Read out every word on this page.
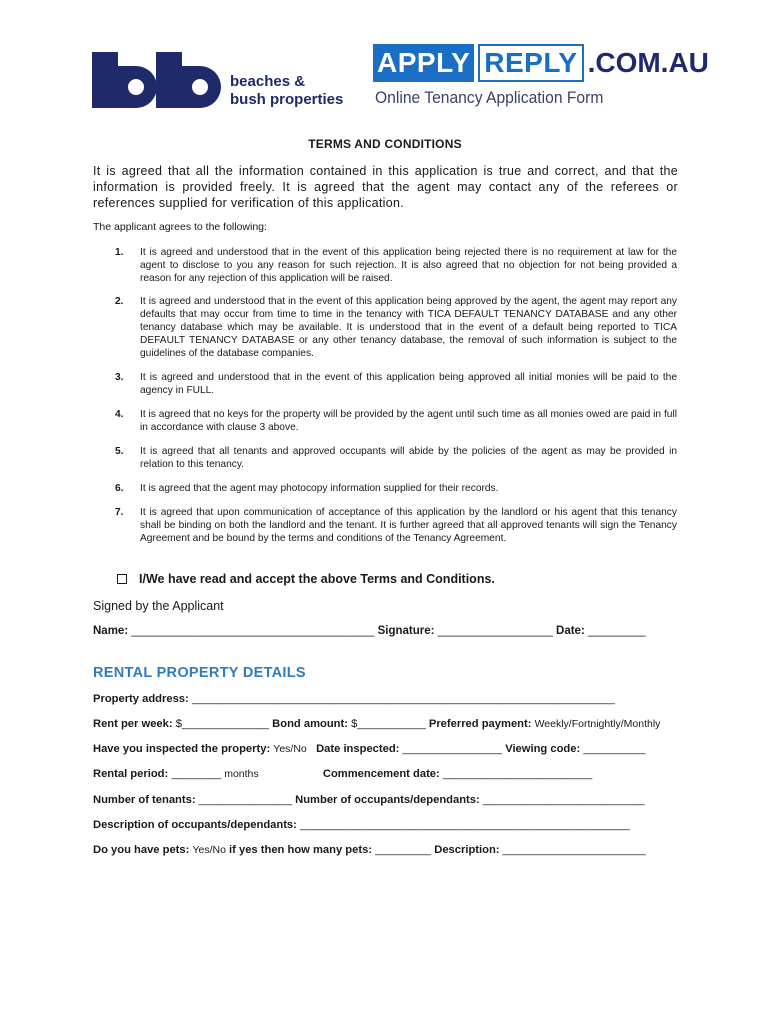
beaches &
bush properties
APPLY REPLY .COM.AU
Online Tenancy Application Form
TERMS AND CONDITIONS
It is agreed that all the information contained in this application is true and correct, and that the information is provided freely. It is agreed that the agent may contact any of the referees or references supplied for verification of this application.
The applicant agrees to the following:
1.	It is agreed and understood that in the event of this application being rejected there is no requirement at law for the agent to disclose to you any reason for such rejection. It is also agreed that no objection for not being provided a reason for any rejection of this application will be raised.
2.	It is agreed and understood that in the event of this application being approved by the agent, the agent may report any defaults that may occur from time to time in the tenancy with TICA DEFAULT TENANCY DATABASE and any other tenancy database which may be available. It is understood that in the event of a default being reported to TICA DEFAULT TENANCY DATABASE or any other tenancy database, the removal of such information is subject to the guidelines of the database companies.
3.	It is agreed and understood that in the event of this application being approved all initial monies will be paid to the agency in FULL.
4.	It is agreed that no keys for the property will be provided by the agent until such time as all monies owed are paid in full in accordance with clause 3 above.
5.	It is agreed that all tenants and approved occupants will abide by the policies of the agent as may be provided in relation to this tenancy.
6.	It is agreed that the agent may photocopy information supplied for their records.
7.	It is agreed that upon communication of acceptance of this application by the landlord or his agent that this tenancy shall be binding on both the landlord and the tenant. It is further agreed that all approved tenants will sign the Tenancy Agreement and be bound by the terms and conditions of the Tenancy Agreement.
I/We have read and accept the above Terms and Conditions.
Signed by the Applicant
Name: ______________________________________ Signature: __________________ Date: _________
RENTAL PROPERTY DETAILS
Property address: ____________________________________________________________________
Rent per week: $______________ Bond amount: $___________ Preferred payment: Weekly/Fortnightly/Monthly
Have you inspected the property: Yes/No Date inspected: ________________ Viewing code: __________
Rental period: ________ months	Commencement date: ________________________
Number of tenants: _______________ Number of occupants/dependants: __________________________
Description of occupants/dependants: _____________________________________________________
Do you have pets: Yes/No if yes then how many pets: _________ Description: _______________________
